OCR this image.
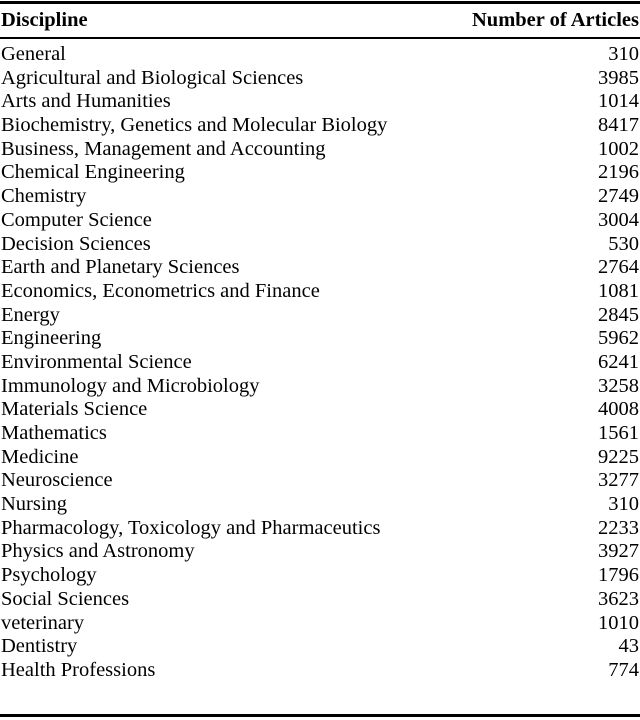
Discipline	Number of Articles
General	310
Agricultural and Biological Sciences	3985
Arts and Humanities	1014
Biochemistry, Genetics and Molecular Biology	8417
Business, Management and Accounting	1002
Chemical Engineering	2196
Chemistry	2749
Computer Science	3004
Decision Sciences	530
Earth and Planetary Sciences	2764
Economics, Econometrics and Finance	1081
Energy	2845
Engineering	5962
Environmental Science	6241
Immunology and Microbiology	3258
Materials Science	4008
Mathematics	1561
Medicine	9225
Neuroscience	3277
Nursing	310
Pharmacology, Toxicology and Pharmaceutics	2233
Physics and Astronomy	3927
Psychology	1796
Social Sciences	3623
veterinary	1010
Dentistry	43
Health Professions	774
